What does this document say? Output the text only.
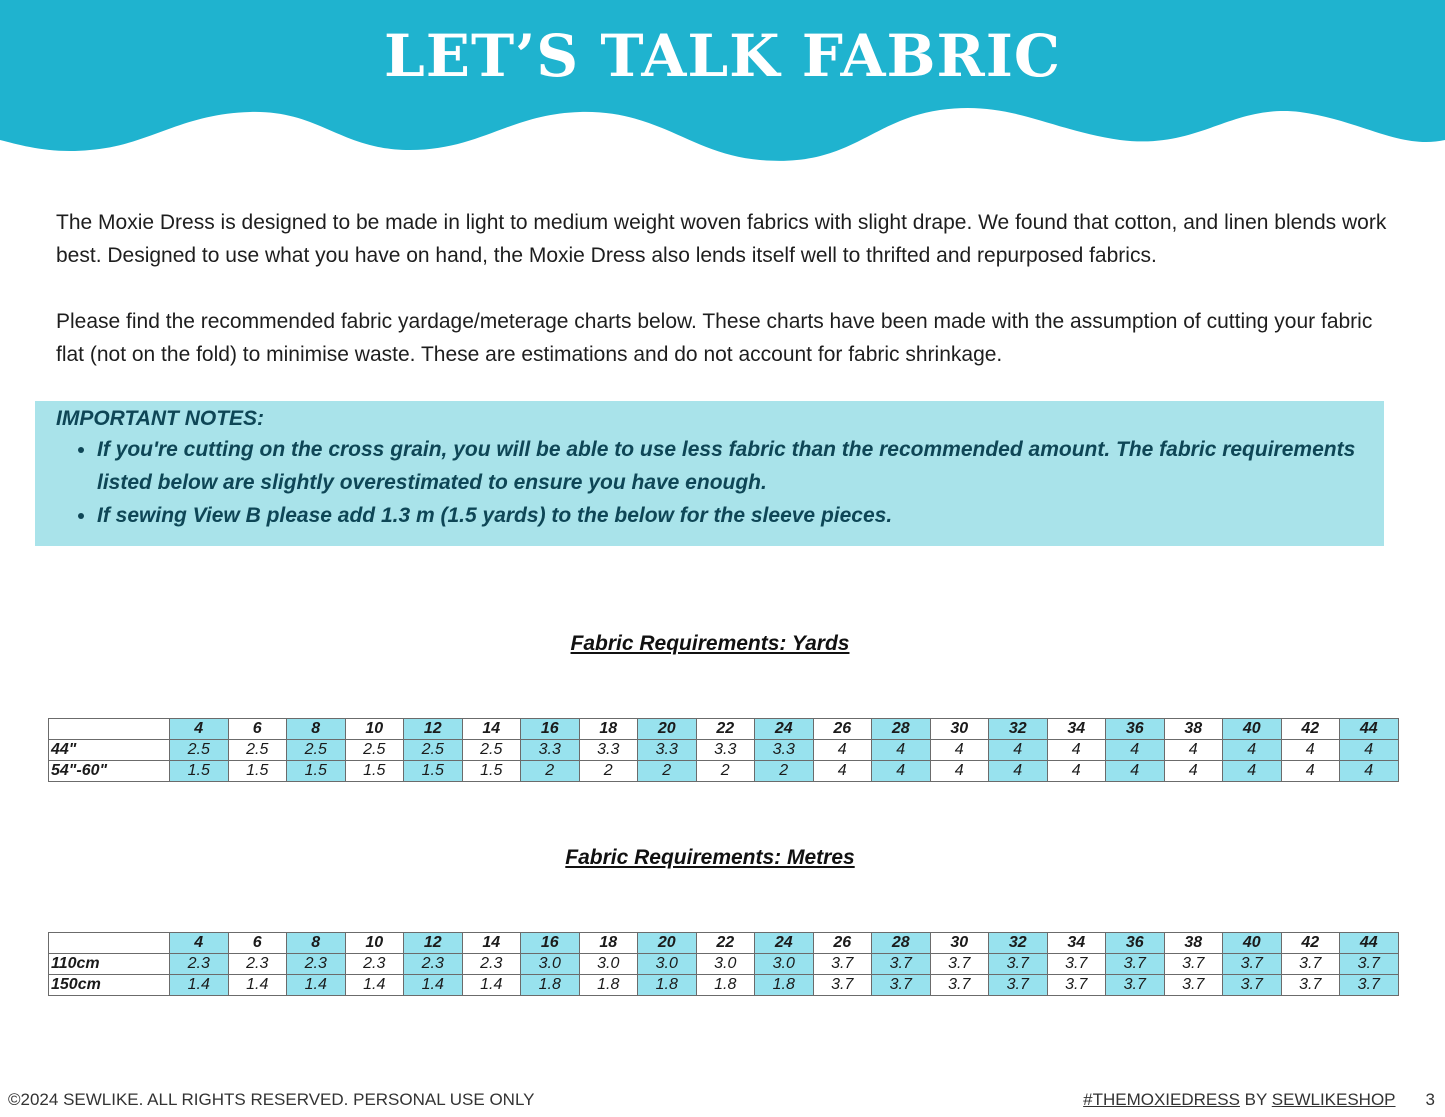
LET’S TALK FABRIC
The Moxie Dress is designed to be made in light to medium weight woven fabrics with slight drape. We found that cotton, and linen blends work best. Designed to use what you have on hand, the Moxie Dress also lends itself well to thrifted and repurposed fabrics.
Please find the recommended fabric yardage/meterage charts below. These charts have been made with the assumption of cutting your fabric flat (not on the fold) to minimise waste. These are estimations and do not account for fabric shrinkage.
IMPORTANT NOTES:
• If you're cutting on the cross grain, you will be able to use less fabric than the recommended amount. The fabric requirements listed below are slightly overestimated to ensure you have enough.
• If sewing View B please add 1.3 m (1.5 yards) to the below for the sleeve pieces.
Fabric Requirements: Yards
	4	6	8	10	12	14	16	18	20	22	24	26	28	30	32	34	36	38	40	42	44
44"	2.5	2.5	2.5	2.5	2.5	2.5	3.3	3.3	3.3	3.3	3.3	4	4	4	4	4	4	4	4	4	4
54"-60"	1.5	1.5	1.5	1.5	1.5	1.5	2	2	2	2	2	4	4	4	4	4	4	4	4	4	4
Fabric Requirements: Metres
	4	6	8	10	12	14	16	18	20	22	24	26	28	30	32	34	36	38	40	42	44
110cm	2.3	2.3	2.3	2.3	2.3	2.3	3.0	3.0	3.0	3.0	3.0	3.7	3.7	3.7	3.7	3.7	3.7	3.7	3.7	3.7	3.7
150cm	1.4	1.4	1.4	1.4	1.4	1.4	1.8	1.8	1.8	1.8	1.8	3.7	3.7	3.7	3.7	3.7	3.7	3.7	3.7	3.7	3.7
©2024 SEWLIKE. ALL RIGHTS RESERVED. PERSONAL USE ONLY	#THEMOXIEDRESS BY SEWLIKESHOP 3
